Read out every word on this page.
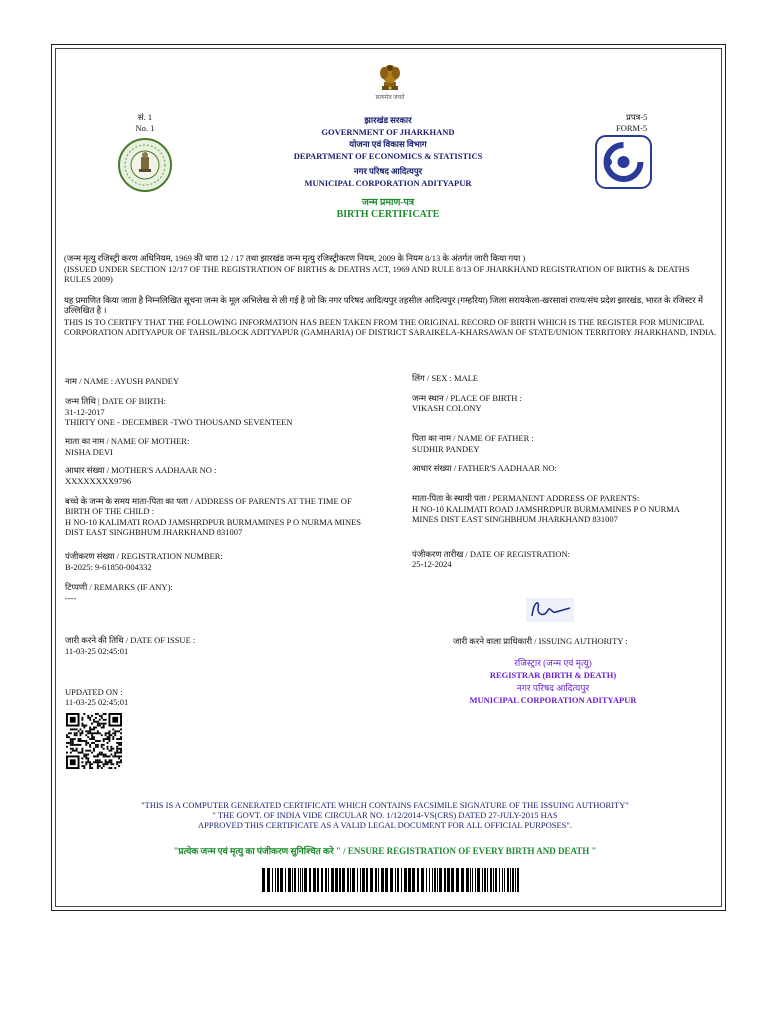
सत्यमेव जयते
सं. 1
No. 1
प्रपत्र-5
FORM-5
झारखंड सरकार
GOVERNMENT OF JHARKHAND
योजना एवं विकास विभाग
DEPARTMENT OF ECONOMICS & STATISTICS
नगर परिषद आदित्यपुर
MUNICIPAL CORPORATION ADITYAPUR
जन्म प्रमाण-पत्र
BIRTH CERTIFICATE
(जन्म मृत्यु रजिस्ट्री करण अधिनियम, 1969 की धारा 12 / 17 तथा झारखंड जन्म मृत्यु रजिस्ट्रीकरण नियम, 2009 के नियम 8/13 के अंतर्गत जारी किया गया )
(ISSUED UNDER SECTION 12/17 OF THE REGISTRATION OF BIRTHS & DEATHS ACT, 1969 AND RULE 8/13 OF JHARKHAND REGISTRATION OF BIRTHS & DEATHS RULES 2009)
यह प्रमाणित किया जाता है निम्नलिखित सूचना जन्म के मूल अभिलेख से ली गई है जो कि नगर परिषद आदित्यपुर तहसील आदित्यपुर (गम्हरिया) जिला सरायकेला-खरसावां राज्य/संघ प्रदेश झारखंड, भारत के रजिस्टर में उल्लिखित है ।
THIS IS TO CERTIFY THAT THE FOLLOWING INFORMATION HAS BEEN TAKEN FROM THE ORIGINAL RECORD OF BIRTH WHICH IS THE REGISTER FOR MUNICIPAL CORPORATION ADITYAPUR OF TAHSIL/BLOCK ADITYAPUR (GAMHARIA) OF DISTRICT SARAIKELA-KHARSAWAN OF STATE/UNION TERRITORY JHARKHAND, INDIA.
नाम / NAME : AYUSH PANDEY
जन्म तिथि | DATE OF BIRTH:
31-12-2017
THIRTY ONE - DECEMBER -TWO THOUSAND SEVENTEEN
माता का नाम / NAME OF MOTHER:
NISHA DEVI
आधार संख्या / MOTHER'S AADHAAR NO :
XXXXXXXX9796
बच्चे के जन्म के समय माता-पिता का पता / ADDRESS OF PARENTS AT THE TIME OF BIRTH OF THE CHILD :
H NO-10 KALIMATI ROAD JAMSHRDPUR BURMAMINES P O NURMA MINES DIST EAST SINGHBHUM JHARKHAND 831007
पंजीकरण संख्या / REGISTRATION NUMBER:
B-2025: 9-61850-004332
टिप्पणी / REMARKS (IF ANY):
----
जारी करने की तिथि / DATE OF ISSUE :
11-03-25 02:45:01
UPDATED ON :
11-03-25 02:45:01
लिंग / SEX : MALE
जन्म स्थान / PLACE OF BIRTH :
VIKASH COLONY
पिता का नाम / NAME OF FATHER :
SUDHIR PANDEY
आधार संख्या / FATHER'S AADHAAR NO:
माता-पिता के स्थायी पता / PERMANENT ADDRESS OF PARENTS:
H NO-10 KALIMATI ROAD JAMSHRDPUR BURMAMINES P O NURMA MINES DIST EAST SINGHBHUM JHARKHAND 831007
पंजीकरण तारीख / DATE OF REGISTRATION:
25-12-2024
जारी करने वाला प्राधिकारी / ISSUING AUTHORITY :
रजिस्ट्रार (जन्म एवं मृत्यु)
REGISTRAR (BIRTH & DEATH)
नगर परिषद आदित्यपुर
MUNICIPAL CORPORATION ADITYAPUR
"THIS IS A COMPUTER GENERATED CERTIFICATE WHICH CONTAINS FACSIMILE SIGNATURE OF THE ISSUING AUTHORITY"
" THE GOVT. OF INDIA VIDE CIRCULAR NO. 1/12/2014-VS(CRS) DATED 27-JULY-2015 HAS
APPROVED THIS CERTIFICATE AS A VALID LEGAL DOCUMENT FOR ALL OFFICIAL PURPOSES".
"प्रत्येक जन्म एवं मृत्यु का पंजीकरण सुनिश्चित करे " / ENSURE REGISTRATION OF EVERY BIRTH AND DEATH "
